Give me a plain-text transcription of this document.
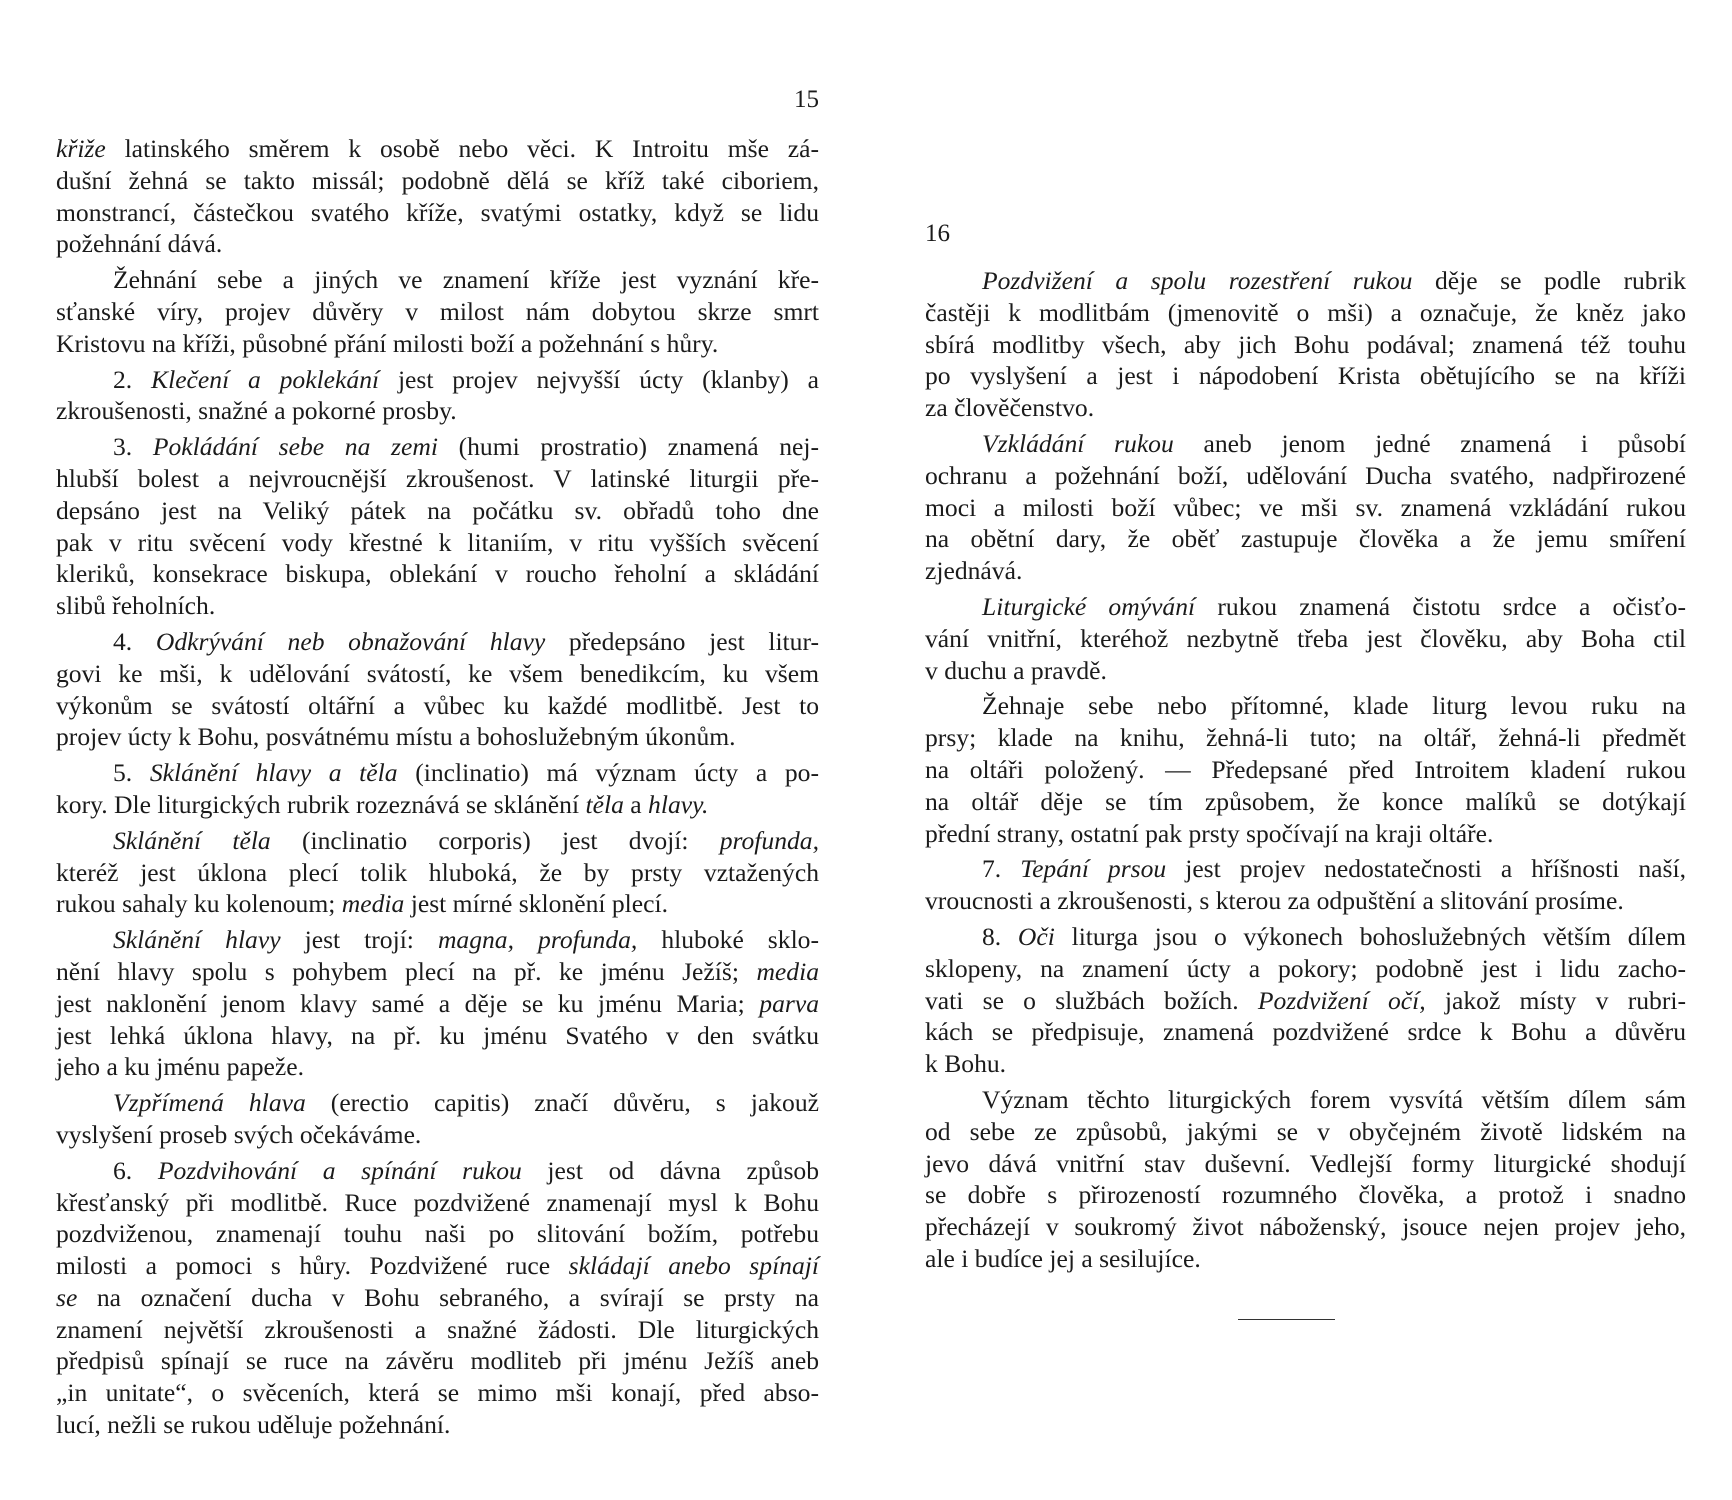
15
křiže latinského směrem k osobě nebo věci. K Introitu mše zá-
dušní žehná se takto missál; podobně dělá se kříž také ciboriem,
monstrancí, částečkou svatého kříže, svatými ostatky, když se lidu
požehnání dává.
Žehnání sebe a jiných ve znamení kříže jest vyznání kře-
sťanské víry, projev důvěry v milost nám dobytou skrze smrt
Kristovu na kříži, působné přání milosti boží a požehnání s hůry.
2. Klečení a poklekání jest projev nejvyšší úcty (klanby) a
zkroušenosti, snažné a pokorné prosby.
3. Pokládání sebe na zemi (humi prostratio) znamená nej-
hlubší bolest a nejvroucnější zkroušenost. V latinské liturgii pře-
depsáno jest na Veliký pátek na počátku sv. obřadů toho dne
pak v ritu svěcení vody křestné k litaniím, v ritu vyšších svěcení
kleriků, konsekrace biskupa, oblekání v roucho řeholní a skládání
slibů řeholních.
4. Odkrývání neb obnažování hlavy předepsáno jest litur-
govi ke mši, k udělování svátostí, ke všem benedikcím, ku všem
výkonům se svátostí oltářní a vůbec ku každé modlitbě. Jest to
projev úcty k Bohu, posvátnému místu a bohoslužebným úkonům.
5. Sklánění hlavy a těla (inclinatio) má význam úcty a po-
kory. Dle liturgických rubrik rozeznává se sklánění těla a hlavy.
Sklánění těla (inclinatio corporis) jest dvojí: profunda,
kteréž jest úklona plecí tolik hluboká, že by prsty vztažených
rukou sahaly ku kolenoum; media jest mírné sklonění plecí.
Sklánění hlavy jest trojí: magna, profunda, hluboké sklo-
nění hlavy spolu s pohybem plecí na př. ke jménu Ježíš; media
jest naklonění jenom klavy samé a děje se ku jménu Maria; parva
jest lehká úklona hlavy, na př. ku jménu Svatého v den svátku
jeho a ku jménu papeže.
Vzpřímená hlava (erectio capitis) značí důvěru, s jakouž
vyslyšení proseb svých očekáváme.
6. Pozdvihování a spínání rukou jest od dávna způsob
křesťanský při modlitbě. Ruce pozdvižené znamenají mysl k Bohu
pozdviženou, znamenají touhu naši po slitování božím, potřebu
milosti a pomoci s hůry. Pozdvižené ruce skládají anebo spínají
se na označení ducha v Bohu sebraného, a svírají se prsty na
znamení největší zkroušenosti a snažné žádosti. Dle liturgických
předpisů spínají se ruce na závěru modliteb při jménu Ježíš aneb
„in unitate“, o svěceních, která se mimo mši konají, před abso-
lucí, nežli se rukou uděluje požehnání.
16
Pozdvižení a spolu rozestření rukou děje se podle rubrik
častěji k modlitbám (jmenovitě o mši) a označuje, že kněz jako
sbírá modlitby všech, aby jich Bohu podával; znamená též touhu
po vyslyšení a jest i nápodobení Krista obětujícího se na kříži
za člověčenstvo.
Vzkládání rukou aneb jenom jedné znamená i působí
ochranu a požehnání boží, udělování Ducha svatého, nadpřirozené
moci a milosti boží vůbec; ve mši sv. znamená vzkládání rukou
na obětní dary, že oběť zastupuje člověka a že jemu smíření
zjednává.
Liturgické omývání rukou znamená čistotu srdce a očisťo-
vání vnitřní, kteréhož nezbytně třeba jest člověku, aby Boha ctil
v duchu a pravdě.
Žehnaje sebe nebo přítomné, klade liturg levou ruku na
prsy; klade na knihu, žehná-li tuto; na oltář, žehná-li předmět
na oltáři položený. — Předepsané před Introitem kladení rukou
na oltář děje se tím způsobem, že konce malíků se dotýkají
přední strany, ostatní pak prsty spočívají na kraji oltáře.
7. Tepání prsou jest projev nedostatečnosti a hříšnosti naší,
vroucnosti a zkroušenosti, s kterou za odpuštění a slitování prosíme.
8. Oči liturga jsou o výkonech bohoslužebných větším dílem
sklopeny, na znamení úcty a pokory; podobně jest i lidu zacho-
vati se o službách božích. Pozdvižení očí, jakož místy v rubri-
kách se předpisuje, znamená pozdvižené srdce k Bohu a důvěru
k Bohu.
Význam těchto liturgických forem vysvítá větším dílem sám
od sebe ze způsobů, jakými se v obyčejném životě lidském na
jevo dává vnitřní stav duševní. Vedlejší formy liturgické shodují
se dobře s přirozeností rozumného člověka, a protož i snadno
přecházejí v soukromý život náboženský, jsouce nejen projev jeho,
ale i budíce jej a sesilujíce.
